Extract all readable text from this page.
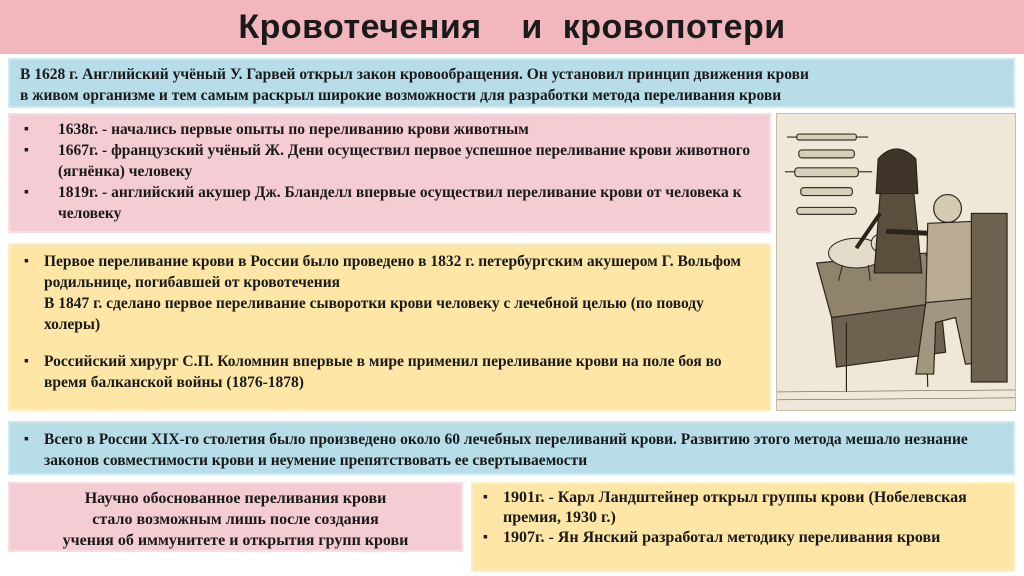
Кровотечения    и  кровопотери
В 1628 г. Английский учёный У. Гарвей открыл закон кровообращения. Он установил принцип движения крови
в живом организме и тем самым раскрыл широкие возможности для разработки метода переливания крови
▪ 1638г. - начались первые опыты по переливанию крови животным
▪ 1667г. - французский учёный Ж. Дени осуществил первое успешное переливание крови животного (ягнёнка) человеку
▪ 1819г. - английский акушер Дж. Бланделл впервые осуществил переливание крови от человека к человеку
▪ Первое переливание крови в России было проведено в 1832 г. петербургским акушером Г. Вольфом родильнице, погибавшей от кровотечения
В 1847 г. сделано первое переливание сыворотки крови человеку с лечебной целью (по поводу холеры)
▪ Российский хирург С.П. Коломнин впервые в мире применил переливание крови на поле боя во время балканской войны (1876-1878)
▪ Всего в России XIX-го столетия было произведено около 60 лечебных переливаний крови. Развитию этого метода мешало незнание законов совместимости крови и неумение препятствовать ее свертываемости
Научно обоснованное переливания крови
стало возможным лишь после создания
учения об иммунитете и открытия групп крови
▪ 1901г. - Карл Ландштейнер открыл группы крови (Нобелевская премия, 1930 г.)
▪ 1907г. - Ян Янский разработал методику переливания крови
